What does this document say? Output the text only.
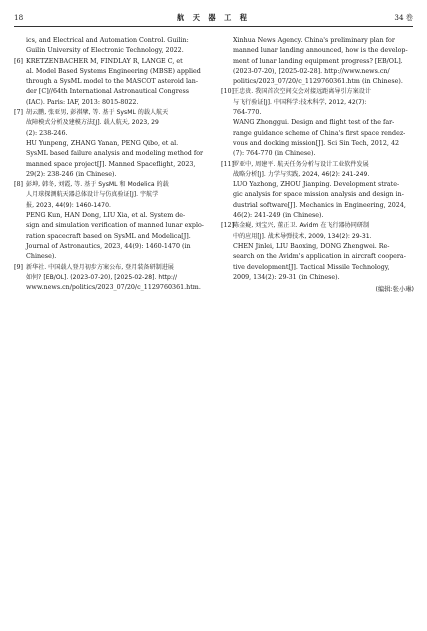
18	航 天 器 工 程	34 卷
ics, and Electrical and Automation Control. Guilin:
Guilin University of Electronic Technology, 2022.
[6] KRETZENBACHER M, FINDLAY R, LANGE C, et
al. Model Based Systems Engineering (MBSE) applied
through a SysML model to the MASCOT asteroid lan-
der [C]//64th International Astronautical Congress
(IAC). Paris: IAF, 2013: 8015-8022.
[7] 胡云鹏, 张亚男, 彭祺擘, 等. 基于 SysML 的载人航天
故障模式分析及建模方法[J]. 载人航天, 2023, 29
(2): 238-246.
HU Yunpeng, ZHANG Yanan, PENG Qibo, et al.
SysML based failure analysis and modeling method for
manned space project[J]. Manned Spaceflight, 2023,
29(2): 238-246 (in Chinese).
[8] 彭坤, 韩冬, 刘霞, 等. 基于 SysML 和 Modelica 的载
人月球探测航天器总体设计与仿真验证[J]. 宇航学
报, 2023, 44(9): 1460-1470.
PENG Kun, HAN Dong, LIU Xia, et al. System de-
sign and simulation verification of manned lunar explo-
ration spacecraft based on SysML and Modelica[J].
Journal of Astronautics, 2023, 44(9): 1460-1470 (in
Chinese).
[9] 新华社. 中国载人登月初步方案公布, 登月装备研制进展
如何? [EB/OL]. (2023-07-20), [2025-02-28]. http://
www.news.cn/politics/2023_07/20/c_1129760361.htm.
Xinhua News Agency. China's preliminary plan for
manned lunar landing announced, how is the develop-
ment of lunar landing equipment progress? [EB/OL].
(2023-07-20), [2025-02-28]. http://www.news.cn/
politics/2023_07/20/c_1129760361.htm (in Chinese).
[10]
王忠贵. 我国首次空间交会对接远距离导引方案设计
与飞行验证[J]. 中国科学:技术科学, 2012, 42(7):
764-770.
WANG Zhonggui. Design and flight test of the far-
range guidance scheme of China's first space rendez-
vous and docking mission[J]. Sci Sin Tech, 2012, 42
(7): 764-770 (in Chinese).
[11]
罗亚中, 周建平. 航天任务分析与设计工业软件发展
战略分析[J]. 力学与实践, 2024, 46(2): 241-249.
LUO Yazhong, ZHOU Jianping. Development strate-
gic analysis for space mission analysis and design in-
dustrial software[J]. Mechanics in Engineering, 2024,
46(2): 241-249 (in Chinese).
[12]
陈金嶷, 刘宝兴, 董正卫. Avidm 在飞行器协同研制
中的应用[J]. 战术导弹技术, 2009, 134(2): 29-31.
CHEN Jinlei, LIU Baoxing, DONG Zhengwei. Re-
search on the Avidm's application in aircraft coopera-
tive development[J]. Tactical Missile Technology,
2009, 134(2): 29-31 (in Chinese).
(编辑:张小琳)
